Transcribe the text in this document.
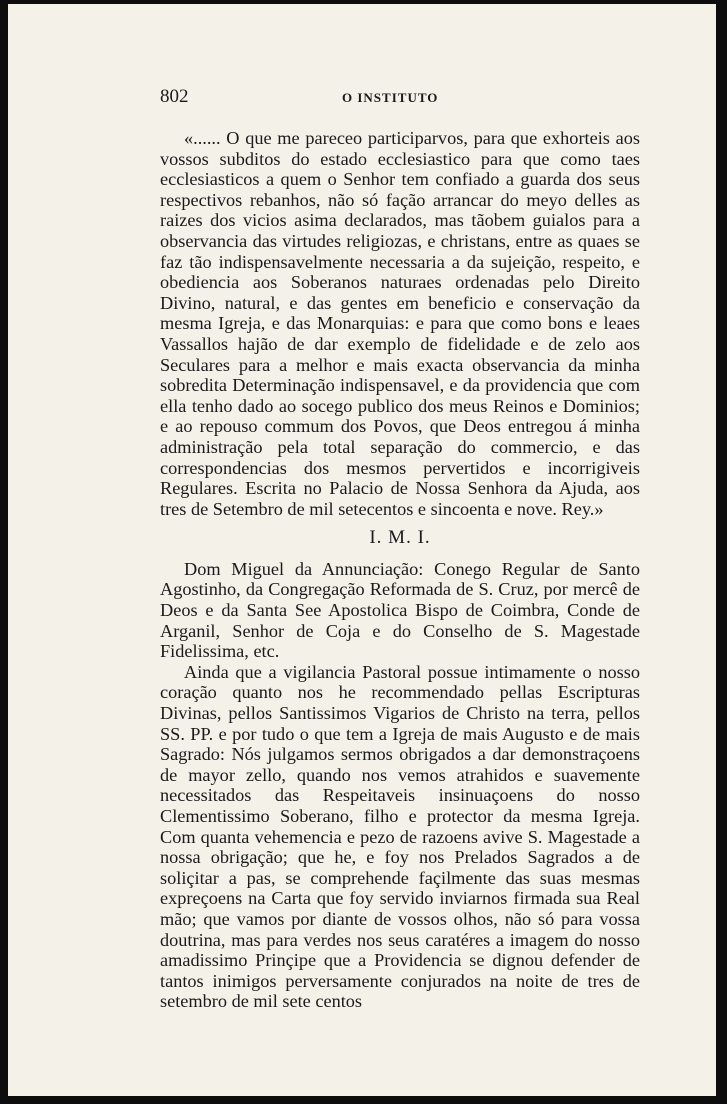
802	O INSTITUTO

«...... O que me pareceo participarvos, para que exhorteis aos vossos subditos do estado ecclesiastico para que como taes ecclesiasticos a quem o Senhor tem confiado a guarda dos seus respectivos rebanhos, não só fação arrancar do meyo delles as raizes dos vicios asima declarados, mas tãobem guialos para a observancia das virtudes religiozas, e christans, entre as quaes se faz tão indispensavelmente necessaria a da sujeição, respeito, e obediencia aos Soberanos naturaes ordenadas pelo Direito Divino, natural, e das gentes em beneficio e conservação da mesma Igreja, e das Monarquias: e para que como bons e leaes Vassallos hajão de dar exemplo de fidelidade e de zelo aos Seculares para a melhor e mais exacta observancia da minha sobredita Determinação indispensavel, e da providencia que com ella tenho dado ao socego publico dos meus Reinos e Dominios; e ao repouso commum dos Povos, que Deos entregou á minha administração pela total separação do commercio, e das correspondencias dos mesmos pervertidos e incorrigiveis Regulares. Escrita no Palacio de Nossa Senhora da Ajuda, aos tres de Setembro de mil setecentos e sincoenta e nove. Rey.»

I. M. I.

Dom Miguel da Annunciação: Conego Regular de Santo Agostinho, da Congregação Reformada de S. Cruz, por mercê de Deos e da Santa See Apostolica Bispo de Coimbra, Conde de Arganil, Senhor de Coja e do Conselho de S. Magestade Fidelissima, etc.

Ainda que a vigilancia Pastoral possue intimamente o nosso coração quanto nos he recommendado pellas Escripturas Divinas, pellos Santissimos Vigarios de Christo na terra, pellos SS. PP. e por tudo o que tem a Igreja de mais Augusto e de mais Sagrado: Nós julgamos sermos obrigados a dar demonstraçoens de mayor zello, quando nos vemos atrahidos e suavemente necessitados das Respeitaveis insinuaçoens do nosso Clementissimo Soberano, filho e protector da mesma Igreja. Com quanta vehemencia e pezo de razoens avive S. Magestade a nossa obrigação; que he, e foy nos Prelados Sagrados a de soliçitar a pas, se comprehende façilmente das suas mesmas expreçoens na Carta que foy servido inviarnos firmada sua Real mão; que vamos por diante de vossos olhos, não só para vossa doutrina, mas para verdes nos seus caratéres a imagem do nosso amadissimo Prinçipe que a Providencia se dignou defender de tantos inimigos perversamente conjurados na noite de tres de setembro de mil sete centos
